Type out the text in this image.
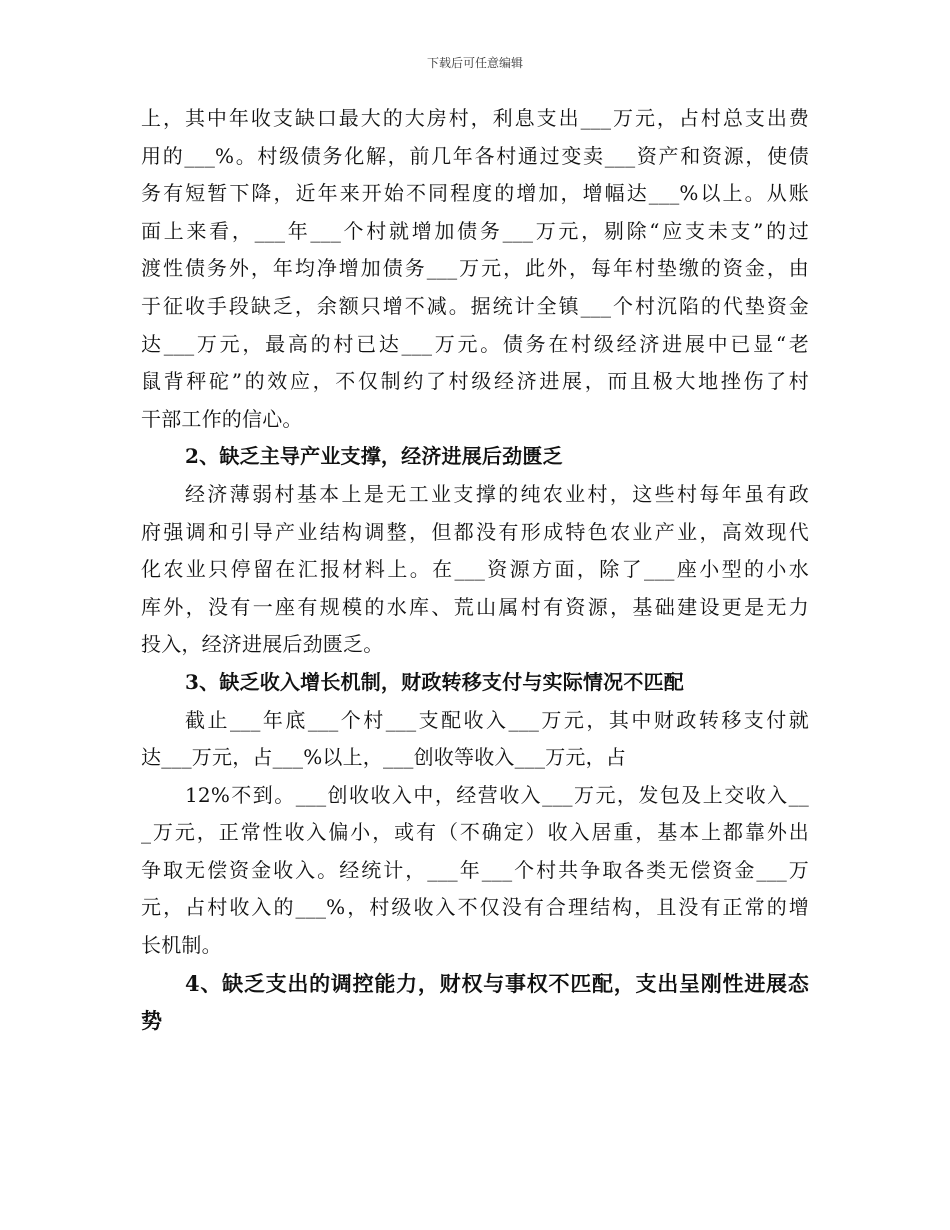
下载后可任意编辑
上，其中年收支缺口最大的大房村，利息支出___万元，占村总支出费
用的___%。村级债务化解，前几年各村通过变卖___资产和资源，使债
务有短暂下降，近年来开始不同程度的增加，增幅达___%以上。从账
面上来看，___年___个村就增加债务___万元，剔除“应支未支”的过
渡性债务外，年均净增加债务___万元，此外，每年村垫缴的资金，由
于征收手段缺乏，余额只增不减。据统计全镇___个村沉陷的代垫资金
达___万元，最高的村已达___万元。债务在村级经济进展中已显“老
鼠背秤砣”的效应，不仅制约了村级经济进展，而且极大地挫伤了村
干部工作的信心。
2、缺乏主导产业支撑，经济进展后劲匮乏
经济薄弱村基本上是无工业支撑的纯农业村，这些村每年虽有政
府强调和引导产业结构调整，但都没有形成特色农业产业，高效现代
化农业只停留在汇报材料上。在___资源方面，除了___座小型的小水
库外，没有一座有规模的水库、荒山属村有资源，基础建设更是无力
投入，经济进展后劲匮乏。
3、缺乏收入增长机制，财政转移支付与实际情况不匹配
截止___年底___个村___支配收入___万元，其中财政转移支付就
达___万元，占___%以上，___创收等收入___万元，占
12%不到。___创收收入中，经营收入___万元，发包及上交收入__
_万元，正常性收入偏小，或有（不确定）收入居重，基本上都靠外出
争取无偿资金收入。经统计，___年___个村共争取各类无偿资金___万
元，占村收入的___%，村级收入不仅没有合理结构，且没有正常的增
长机制。
4、缺乏支出的调控能力，财权与事权不匹配，支出呈刚性进展态
势
